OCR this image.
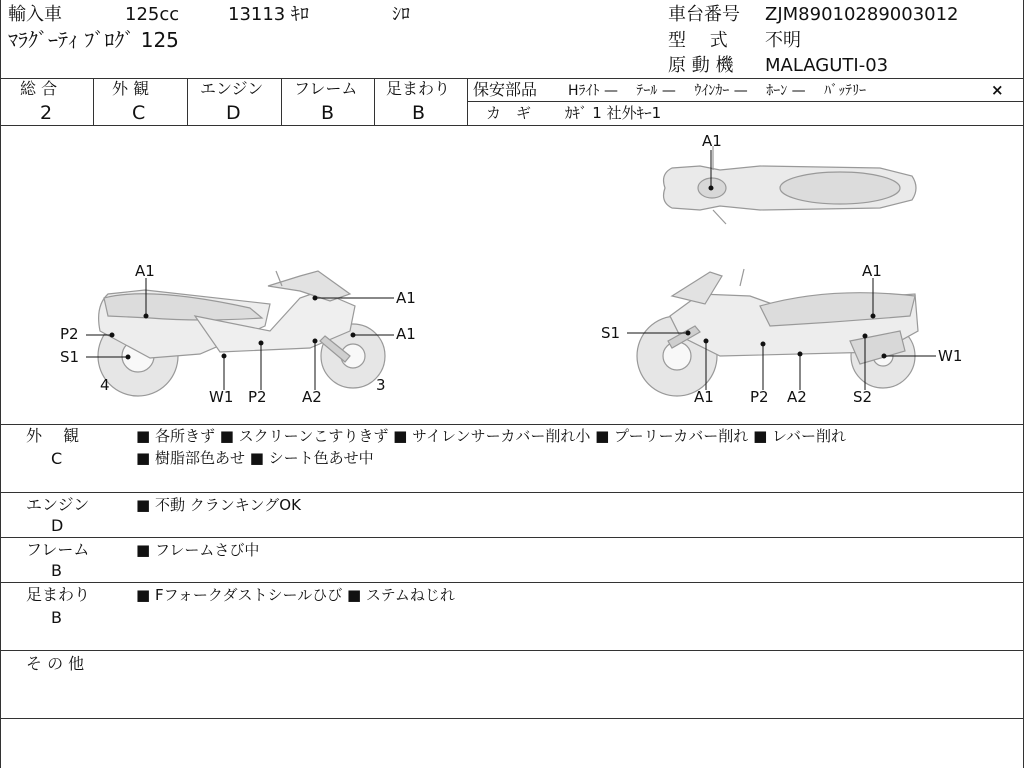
輸入車	125cc	13113 ｷﾛ	ｼﾛ
ﾏﾗｸﾞｰﾃｨ ﾌﾞﾛｸﾞ 125
車台番号 ZJM89010289003012
型 　式 不明
原 動 機 MALAGUTI-03
総 合
2
外 観
C
エンジン
D
フレーム
B
足まわり
B
保安部品 Hﾗｲﾄ —　 ﾃｰﾙ —　 ｳｲﾝｶｰ —　 ﾎｰﾝ —　 ﾊﾞｯﾃﾘｰ	×
カ　ギ ｶｷﾞ 1 社外ｷｰ1
A1
A1
A1
P2	A1
S1
4
W1 P2 A2
3
A1
S1
W1
A1 P2 A2	S2
外　 観
C
■ 各所きず ■ スクリーンこすりきず ■ サイレンサーカバー削れ小 ■ プーリーカバー削れ ■ レバー削れ
■ 樹脂部色あせ ■ シート色あせ中
エンジン
D
■ 不動 クランキングOK
フレーム
B
■ フレームさび中
足まわり
B
■ Fフォークダストシールひび ■ ステムねじれ
そ の 他
